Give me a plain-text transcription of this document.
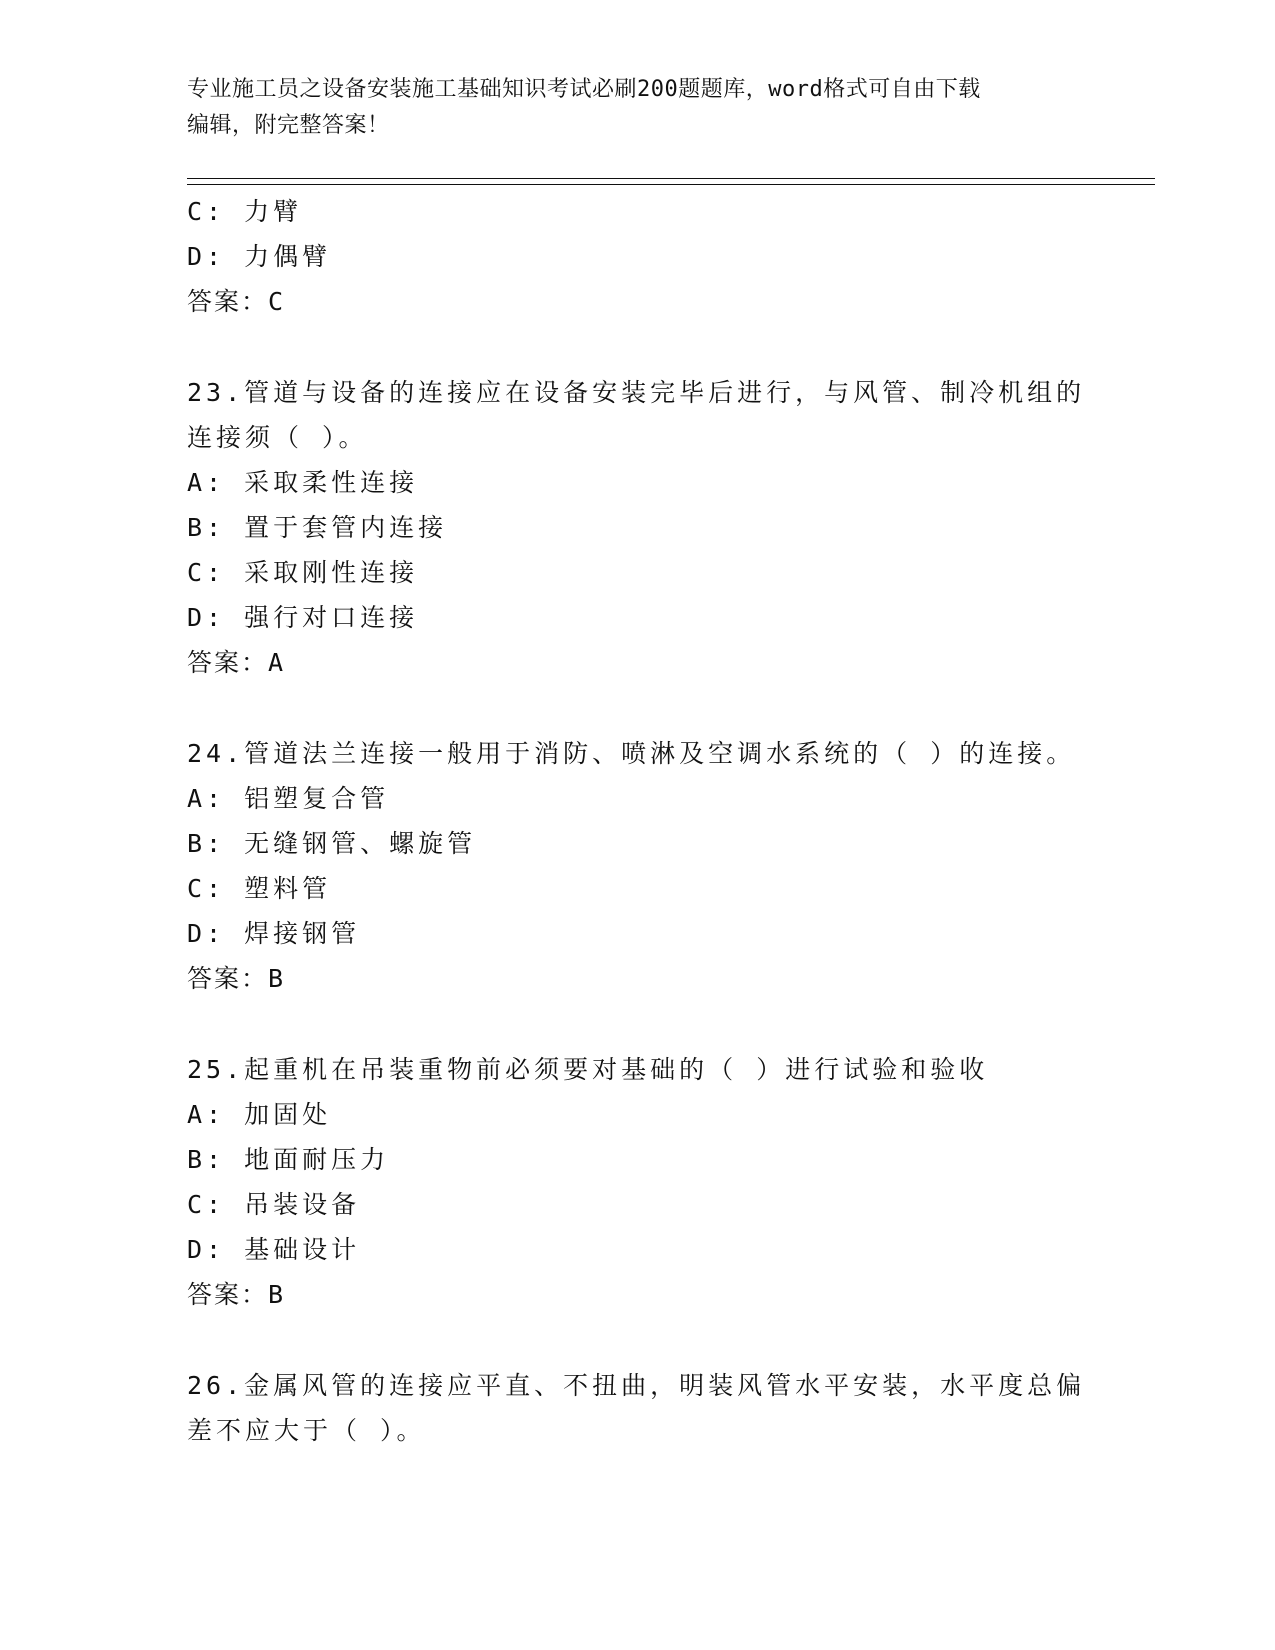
专业施工员之设备安装施工基础知识考试必刷200题题库，word格式可自由下载
编辑，附完整答案！
C: 力臂
D: 力偶臂
答案：C
23.管道与设备的连接应在设备安装完毕后进行，与风管、制冷机组的
连接须（ ）。
A: 采取柔性连接
B: 置于套管内连接
C: 采取刚性连接
D: 强行对口连接
答案：A
24.管道法兰连接一般用于消防、喷淋及空调水系统的（ ）的连接。
A: 铝塑复合管
B: 无缝钢管、螺旋管
C: 塑料管
D: 焊接钢管
答案：B
25.起重机在吊装重物前必须要对基础的（ ）进行试验和验收
A: 加固处
B: 地面耐压力
C: 吊装设备
D: 基础设计
答案：B
26.金属风管的连接应平直、不扭曲，明装风管水平安装，水平度总偏
差不应大于（ ）。
